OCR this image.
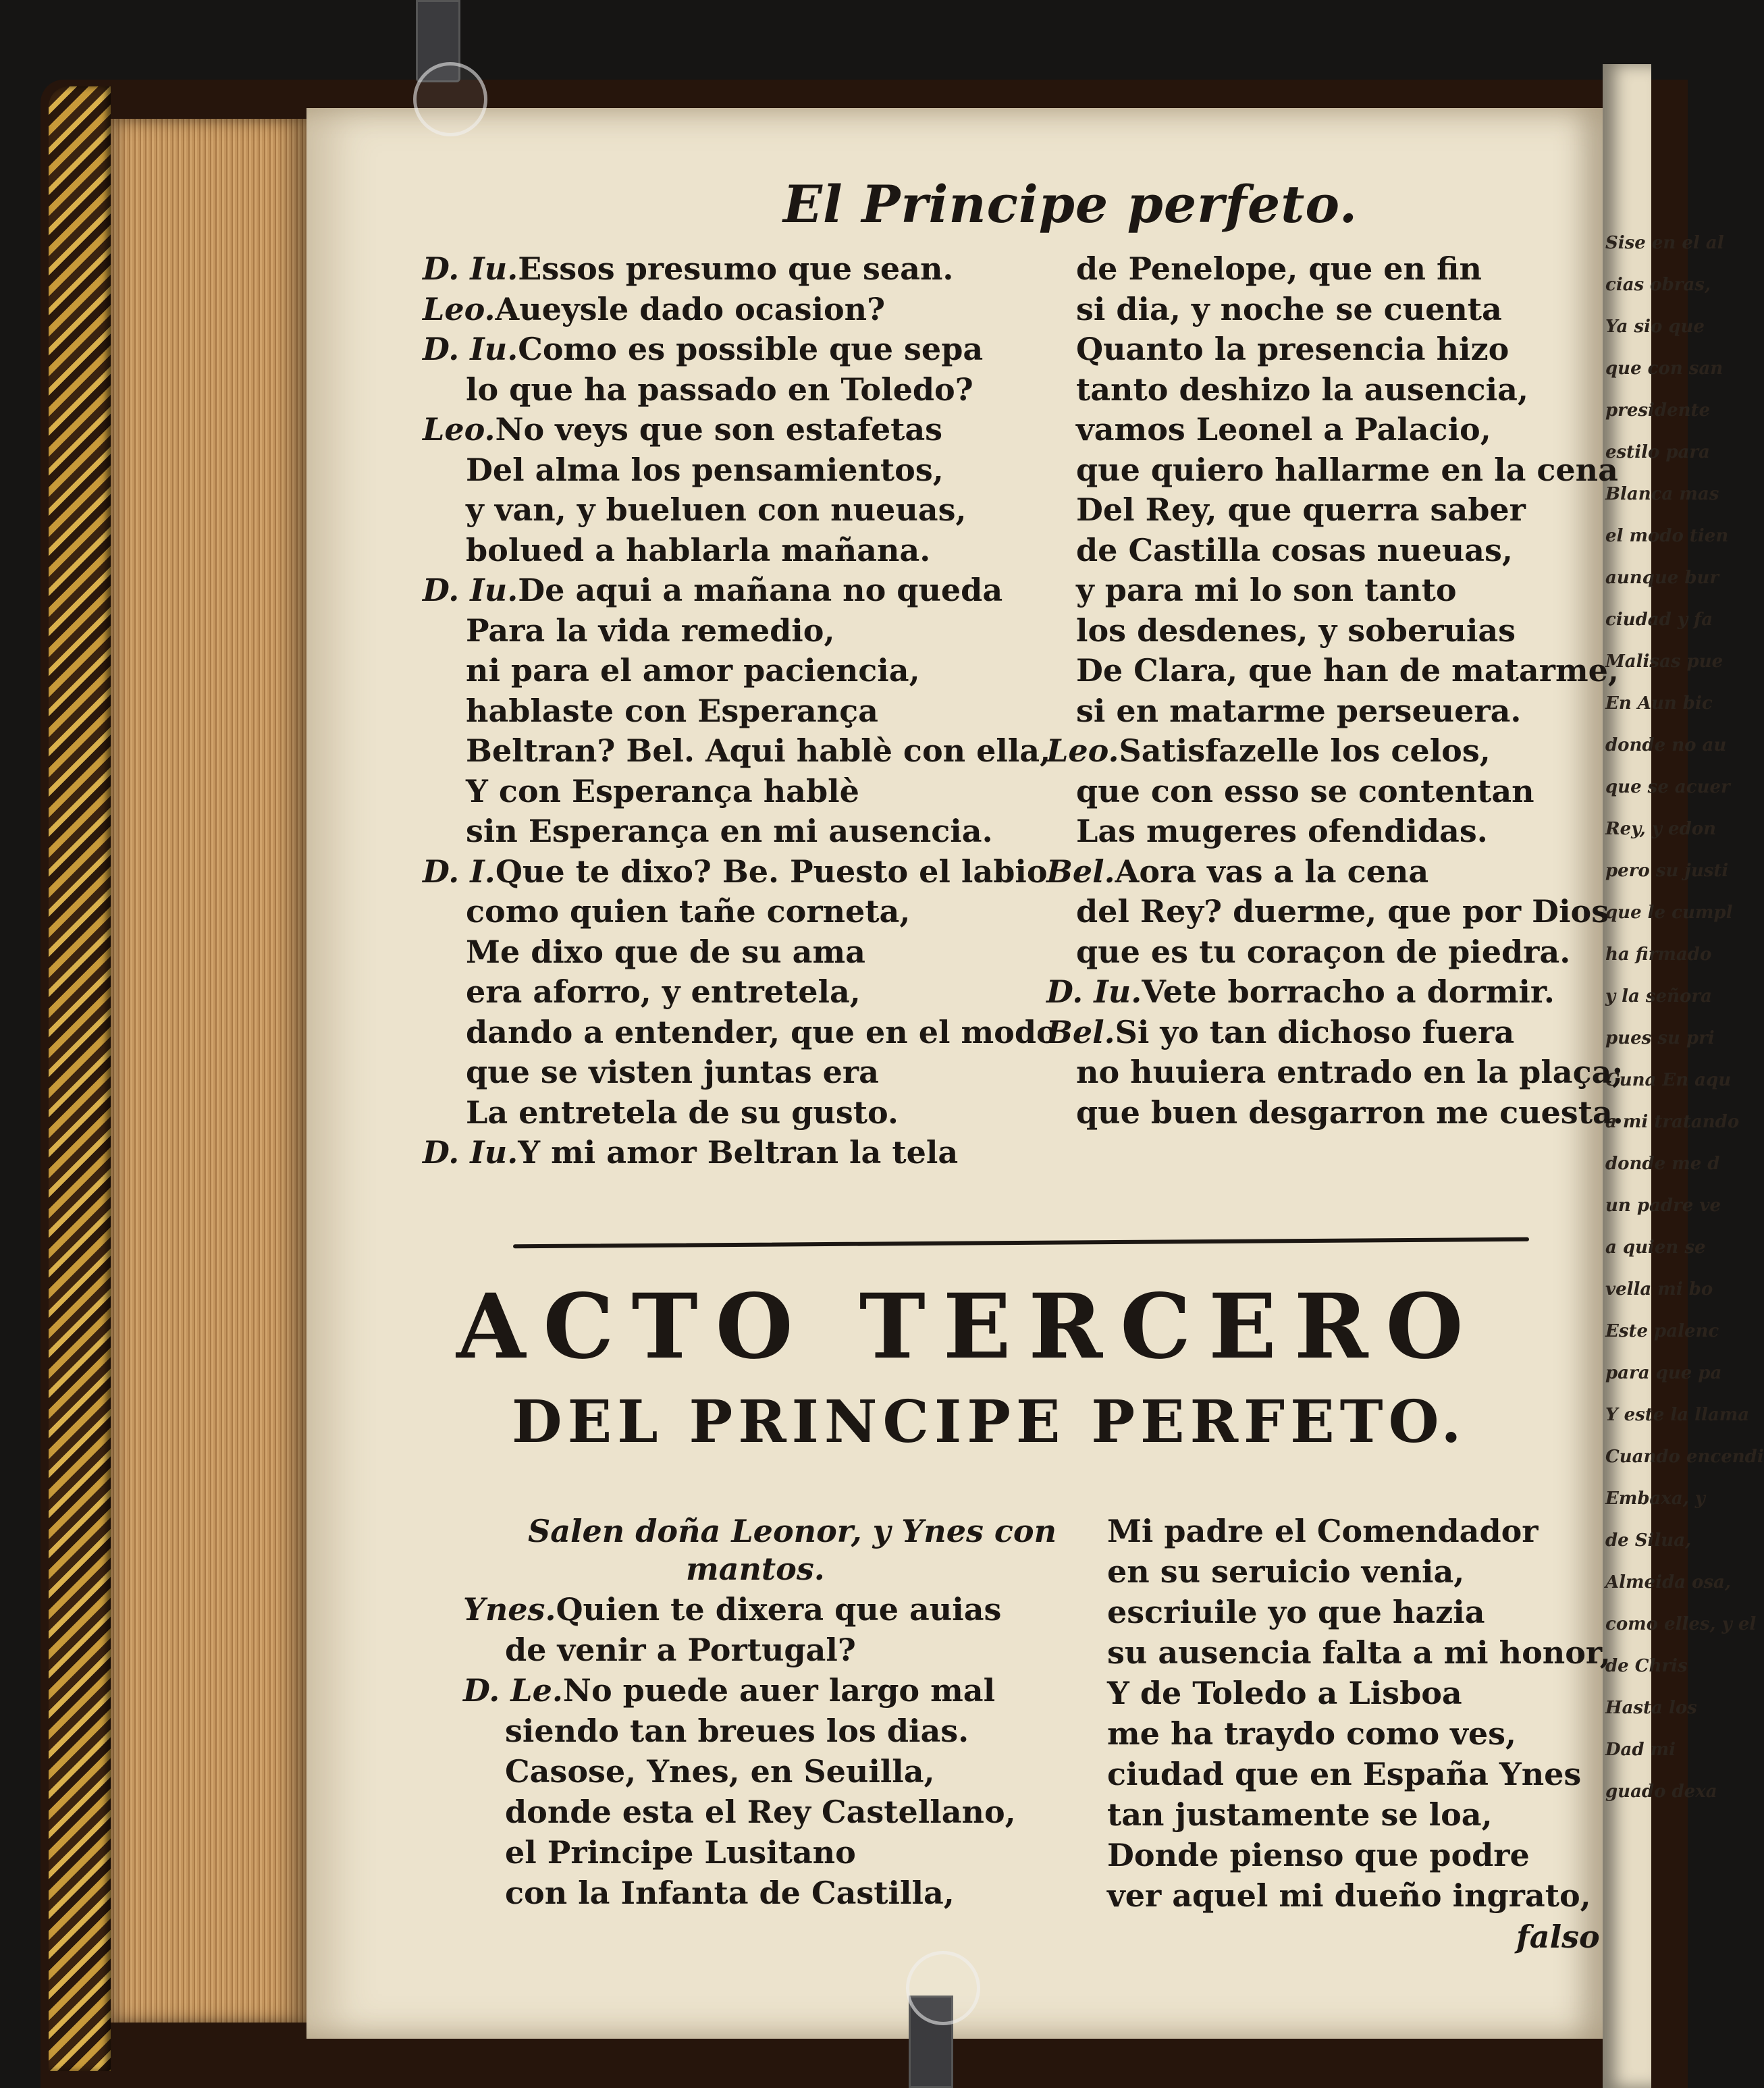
Sise en el al
cias obras,
Ya sio que
que con san
presidente
estilo para
Blanca mas
el modo tien
aunque bur
ciudad y fa
Malisas pue
En Aun bic
donde no au
que se acuer
Rey, y edon
pero su justi
que le cumpl
ha firmado
y la señora
pues su pri
Cuna En aqu
a mi tratando
donde me d
un padre ve
a quien se
vella mi bo
Este palenc
para que pa
Y este la llama
Cuando encendi
Embaxa, y
de Silua,
Almeida osa,
como elles, y el
de Chris
Hasta los
Dad mi
guado dexa
El Principe perfeto.
D. Iu.Essos presumo que sean.
Leo.Aueysle dado ocasion?
D. Iu.Como es possible que sepa
lo que ha passado en Toledo?
Leo.No veys que son estafetas
Del alma los pensamientos,
y van, y bueluen con nueuas,
bolued a hablarla mañana.
D. Iu.De aqui a mañana no queda
Para la vida remedio,
ni para el amor paciencia,
hablaste con Esperança
Beltran? Bel. Aqui hablè con ella,
Y con Esperança hablè
sin Esperança en mi ausencia.
D. I.Que te dixo? Be. Puesto el labio
como quien tañe corneta,
Me dixo que de su ama
era aforro, y entretela,
dando a entender, que en el modo
que se visten juntas era
La entretela de su gusto.
D. Iu.Y mi amor Beltran la tela
de Penelope, que en fin
si dia, y noche se cuenta
Quanto la presencia hizo
tanto deshizo la ausencia,
vamos Leonel a Palacio,
que quiero hallarme en la cena
Del Rey, que querra saber
de Castilla cosas nueuas,
y para mi lo son tanto
los desdenes, y soberuias
De Clara, que han de matarme,
si en matarme perseuera.
Leo.Satisfazelle los celos,
que con esso se contentan
Las mugeres ofendidas.
Bel.Aora vas a la cena
del Rey? duerme, que por Dios
que es tu coraçon de piedra.
D. Iu.Vete borracho a dormir.
Bel.Si yo tan dichoso fuera
no huuiera entrado en la plaça;
que buen desgarron me cuesta.
ACTO TERCERO
DEL PRINCIPE PERFETO.
Salen doña Leonor, y Ynes con
mantos.
Ynes.Quien te dixera que auias
de venir a Portugal?
D. Le.No puede auer largo mal
siendo tan breues los dias.
Casose, Ynes, en Seuilla,
donde esta el Rey Castellano,
el Principe Lusitano
con la Infanta de Castilla,
Mi padre el Comendador
en su seruicio venia,
escriuile yo que hazia
su ausencia falta a mi honor,
Y de Toledo a Lisboa
me ha traydo como ves,
ciudad que en España Ynes
tan justamente se loa,
Donde pienso que podre
ver aquel mi dueño ingrato,
falso
